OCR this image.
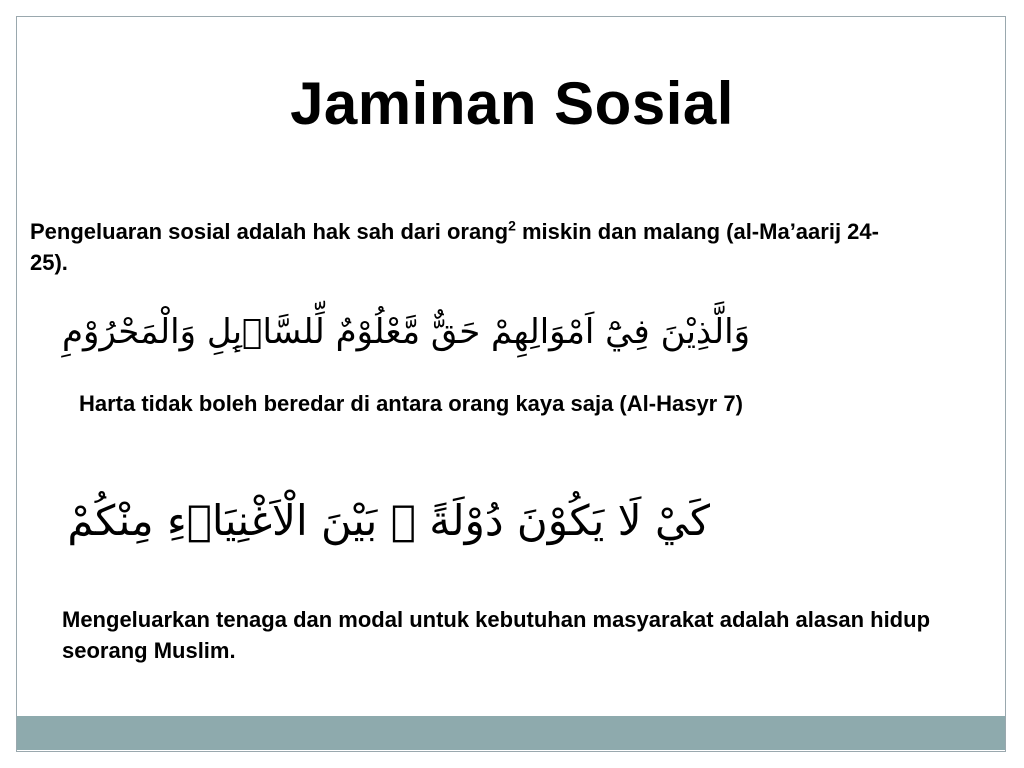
Jaminan Sosial
Pengeluaran sosial adalah hak sah dari orang$^2$ miskin dan malang (al-Ma’aarij 24-25).
وَالَّذِيْنَ فِيْٓ اَمْوَالِهِمْ حَقٌّ مَّعْلُوْمٌ لِّلسَّاۤىِٕلِ وَالْمَحْرُوْمِ
Harta tidak boleh beredar di antara orang kaya saja (Al-Hasyr 7)
كَيْ لَا يَكُوْنَ دُوْلَةً ۢ بَيْنَ الْاَغْنِيَاۤءِ مِنْكُمْ
Mengeluarkan tenaga dan modal untuk kebutuhan masyarakat adalah alasan hidup seorang Muslim.
